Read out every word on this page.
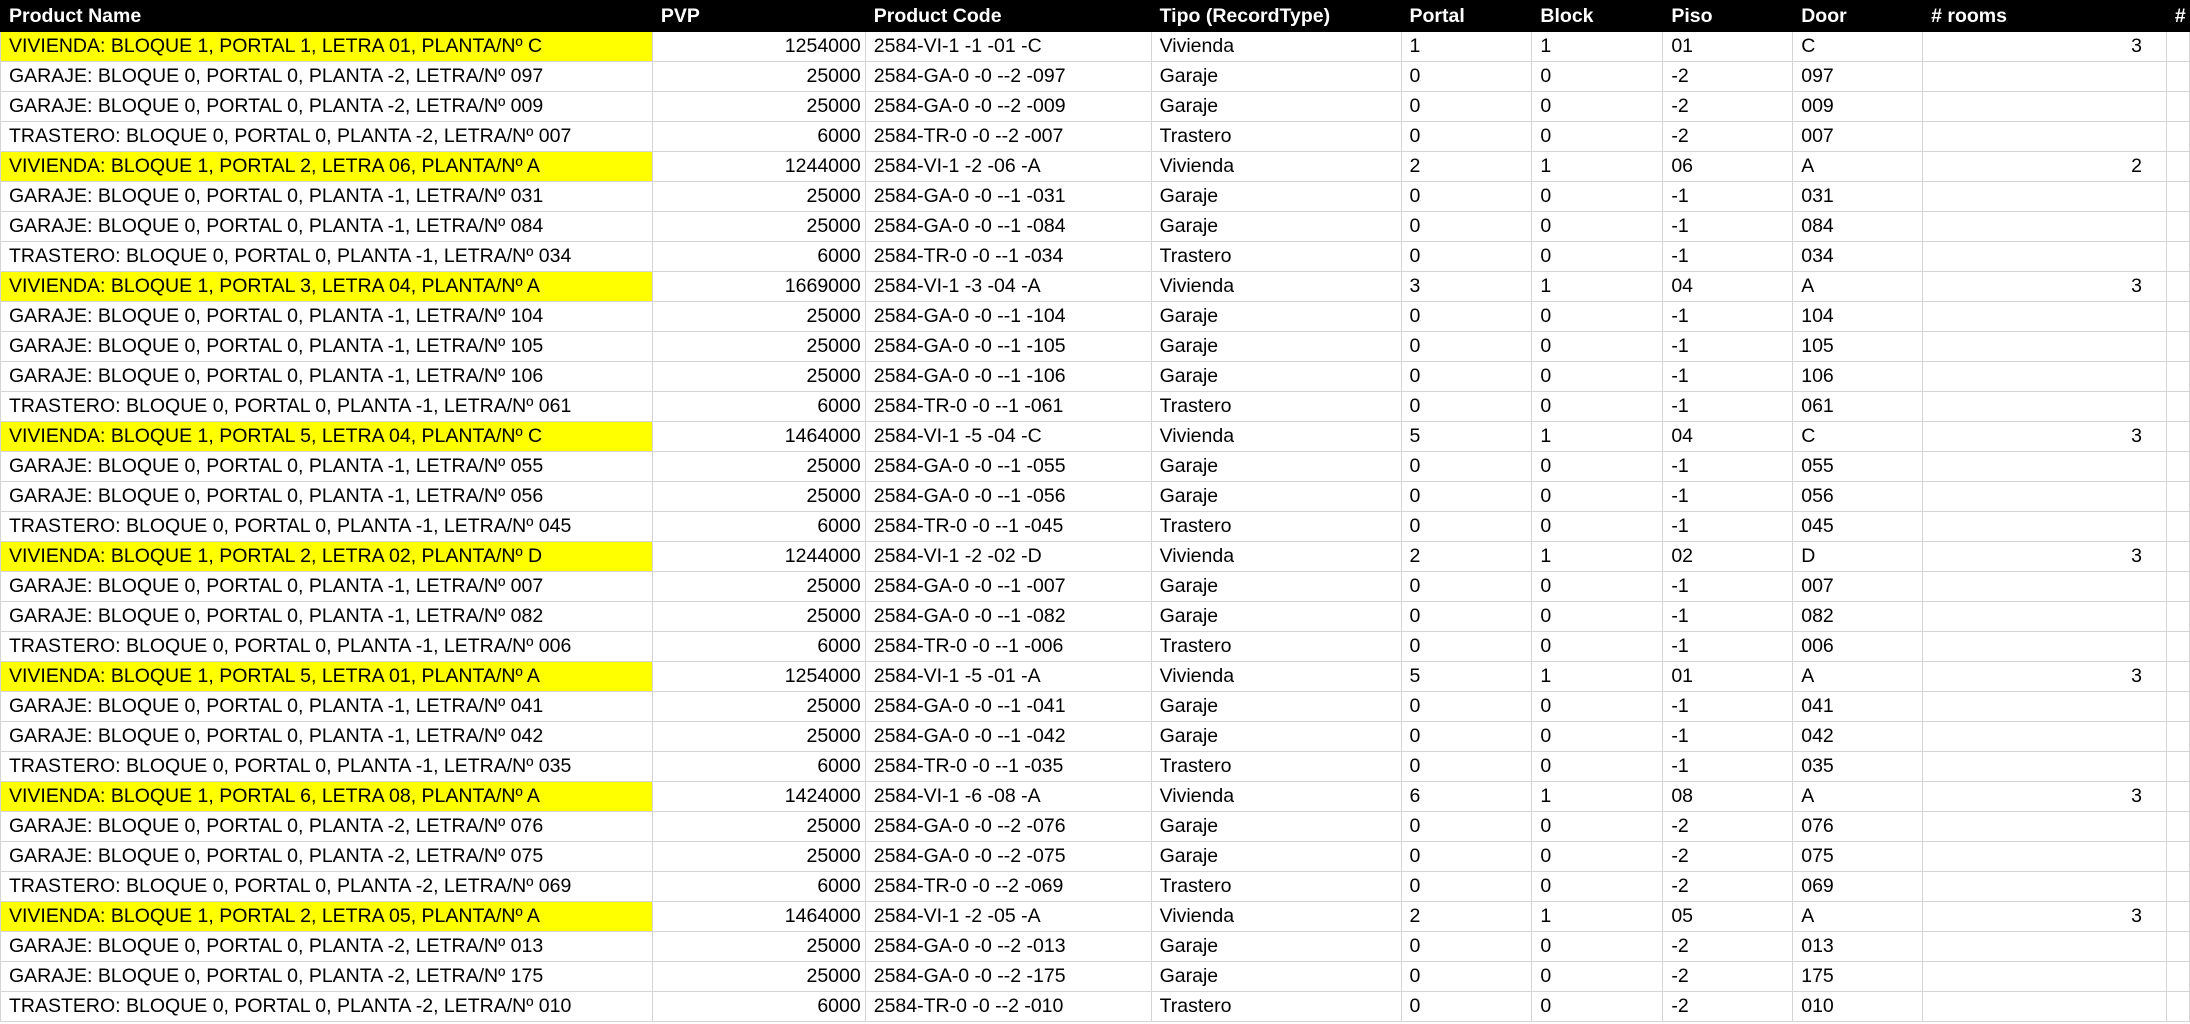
Product Name	PVP	Product Code	Tipo (RecordType)	Portal	Block	Piso	Door	# rooms	#
VIVIENDA: BLOQUE 1, PORTAL 1, LETRA 01, PLANTA/Nº C	1254000	2584-VI-1 -1 -01 -C	Vivienda	1	1	01	C	3	
GARAJE: BLOQUE 0, PORTAL 0, PLANTA -2, LETRA/Nº 097	25000	2584-GA-0 -0 --2 -097	Garaje	0	0	-2	097		
GARAJE: BLOQUE 0, PORTAL 0, PLANTA -2, LETRA/Nº 009	25000	2584-GA-0 -0 --2 -009	Garaje	0	0	-2	009		
TRASTERO: BLOQUE 0, PORTAL 0, PLANTA -2, LETRA/Nº 007	6000	2584-TR-0 -0 --2 -007	Trastero	0	0	-2	007		
VIVIENDA: BLOQUE 1, PORTAL 2, LETRA 06, PLANTA/Nº A	1244000	2584-VI-1 -2 -06 -A	Vivienda	2	1	06	A	2	
GARAJE: BLOQUE 0, PORTAL 0, PLANTA -1, LETRA/Nº 031	25000	2584-GA-0 -0 --1 -031	Garaje	0	0	-1	031		
GARAJE: BLOQUE 0, PORTAL 0, PLANTA -1, LETRA/Nº 084	25000	2584-GA-0 -0 --1 -084	Garaje	0	0	-1	084		
TRASTERO: BLOQUE 0, PORTAL 0, PLANTA -1, LETRA/Nº 034	6000	2584-TR-0 -0 --1 -034	Trastero	0	0	-1	034		
VIVIENDA: BLOQUE 1, PORTAL 3, LETRA 04, PLANTA/Nº A	1669000	2584-VI-1 -3 -04 -A	Vivienda	3	1	04	A	3	
GARAJE: BLOQUE 0, PORTAL 0, PLANTA -1, LETRA/Nº 104	25000	2584-GA-0 -0 --1 -104	Garaje	0	0	-1	104		
GARAJE: BLOQUE 0, PORTAL 0, PLANTA -1, LETRA/Nº 105	25000	2584-GA-0 -0 --1 -105	Garaje	0	0	-1	105		
GARAJE: BLOQUE 0, PORTAL 0, PLANTA -1, LETRA/Nº 106	25000	2584-GA-0 -0 --1 -106	Garaje	0	0	-1	106		
TRASTERO: BLOQUE 0, PORTAL 0, PLANTA -1, LETRA/Nº 061	6000	2584-TR-0 -0 --1 -061	Trastero	0	0	-1	061		
VIVIENDA: BLOQUE 1, PORTAL 5, LETRA 04, PLANTA/Nº C	1464000	2584-VI-1 -5 -04 -C	Vivienda	5	1	04	C	3	
GARAJE: BLOQUE 0, PORTAL 0, PLANTA -1, LETRA/Nº 055	25000	2584-GA-0 -0 --1 -055	Garaje	0	0	-1	055		
GARAJE: BLOQUE 0, PORTAL 0, PLANTA -1, LETRA/Nº 056	25000	2584-GA-0 -0 --1 -056	Garaje	0	0	-1	056		
TRASTERO: BLOQUE 0, PORTAL 0, PLANTA -1, LETRA/Nº 045	6000	2584-TR-0 -0 --1 -045	Trastero	0	0	-1	045		
VIVIENDA: BLOQUE 1, PORTAL 2, LETRA 02, PLANTA/Nº D	1244000	2584-VI-1 -2 -02 -D	Vivienda	2	1	02	D	3	
GARAJE: BLOQUE 0, PORTAL 0, PLANTA -1, LETRA/Nº 007	25000	2584-GA-0 -0 --1 -007	Garaje	0	0	-1	007		
GARAJE: BLOQUE 0, PORTAL 0, PLANTA -1, LETRA/Nº 082	25000	2584-GA-0 -0 --1 -082	Garaje	0	0	-1	082		
TRASTERO: BLOQUE 0, PORTAL 0, PLANTA -1, LETRA/Nº 006	6000	2584-TR-0 -0 --1 -006	Trastero	0	0	-1	006		
VIVIENDA: BLOQUE 1, PORTAL 5, LETRA 01, PLANTA/Nº A	1254000	2584-VI-1 -5 -01 -A	Vivienda	5	1	01	A	3	
GARAJE: BLOQUE 0, PORTAL 0, PLANTA -1, LETRA/Nº 041	25000	2584-GA-0 -0 --1 -041	Garaje	0	0	-1	041		
GARAJE: BLOQUE 0, PORTAL 0, PLANTA -1, LETRA/Nº 042	25000	2584-GA-0 -0 --1 -042	Garaje	0	0	-1	042		
TRASTERO: BLOQUE 0, PORTAL 0, PLANTA -1, LETRA/Nº 035	6000	2584-TR-0 -0 --1 -035	Trastero	0	0	-1	035		
VIVIENDA: BLOQUE 1, PORTAL 6, LETRA 08, PLANTA/Nº A	1424000	2584-VI-1 -6 -08 -A	Vivienda	6	1	08	A	3	
GARAJE: BLOQUE 0, PORTAL 0, PLANTA -2, LETRA/Nº 076	25000	2584-GA-0 -0 --2 -076	Garaje	0	0	-2	076		
GARAJE: BLOQUE 0, PORTAL 0, PLANTA -2, LETRA/Nº 075	25000	2584-GA-0 -0 --2 -075	Garaje	0	0	-2	075		
TRASTERO: BLOQUE 0, PORTAL 0, PLANTA -2, LETRA/Nº 069	6000	2584-TR-0 -0 --2 -069	Trastero	0	0	-2	069		
VIVIENDA: BLOQUE 1, PORTAL 2, LETRA 05, PLANTA/Nº A	1464000	2584-VI-1 -2 -05 -A	Vivienda	2	1	05	A	3	
GARAJE: BLOQUE 0, PORTAL 0, PLANTA -2, LETRA/Nº 013	25000	2584-GA-0 -0 --2 -013	Garaje	0	0	-2	013		
GARAJE: BLOQUE 0, PORTAL 0, PLANTA -2, LETRA/Nº 175	25000	2584-GA-0 -0 --2 -175	Garaje	0	0	-2	175		
TRASTERO: BLOQUE 0, PORTAL 0, PLANTA -2, LETRA/Nº 010	6000	2584-TR-0 -0 --2 -010	Trastero	0	0	-2	010		
